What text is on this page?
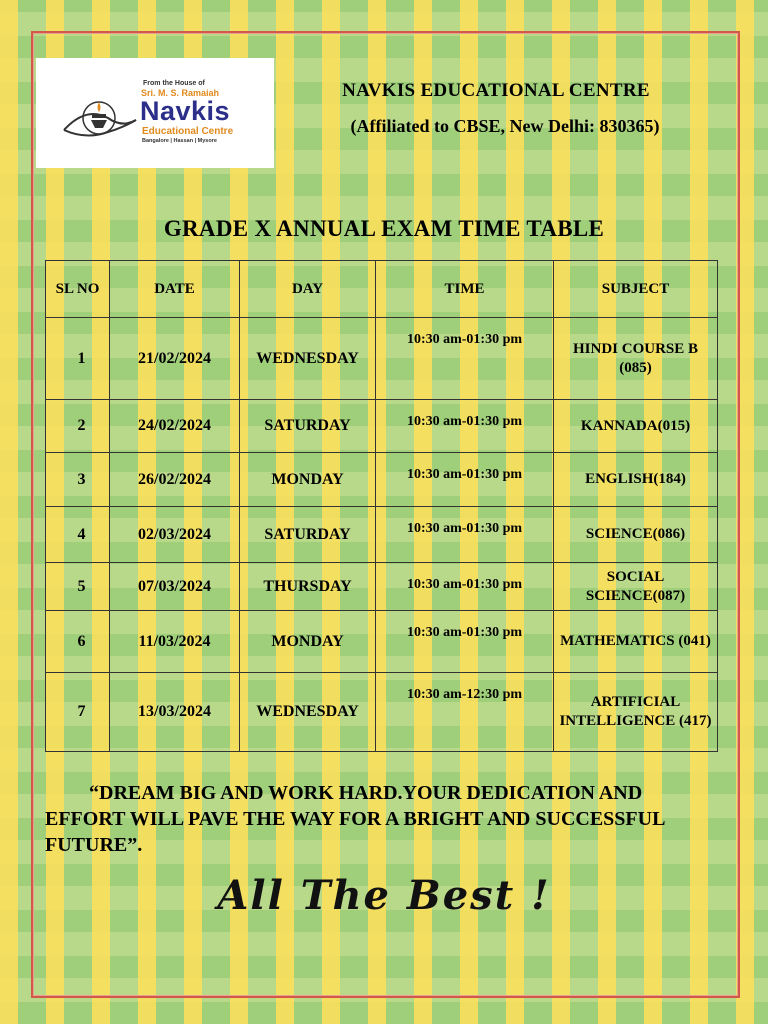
From the House of
Sri. M. S. Ramaiah
Navkis
Educational Centre
Bangalore | Hassan | Mysore

NAVKIS EDUCATIONAL CENTRE

(Affiliated to CBSE, New Delhi: 830365)

GRADE X ANNUAL EXAM TIME TABLE
SL NO	DATE	DAY	TIME	SUBJECT
1	21/02/2024	WEDNESDAY	10:30 am-01:30 pm	HINDI COURSE B (085)
2	24/02/2024	SATURDAY	10:30 am-01:30 pm	KANNADA(015)
3	26/02/2024	MONDAY	10:30 am-01:30 pm	ENGLISH(184)
4	02/03/2024	SATURDAY	10:30 am-01:30 pm	SCIENCE(086)
5	07/03/2024	THURSDAY	10:30 am-01:30 pm	SOCIAL SCIENCE(087)
6	11/03/2024	MONDAY	10:30 am-01:30 pm	MATHEMATICS (041)
7	13/03/2024	WEDNESDAY	10:30 am-12:30 pm	ARTIFICIAL INTELLIGENCE (417)

“DREAM BIG AND WORK HARD.YOUR DEDICATION AND EFFORT WILL PAVE THE WAY FOR A BRIGHT AND SUCCESSFUL FUTURE”.

All The Best !
